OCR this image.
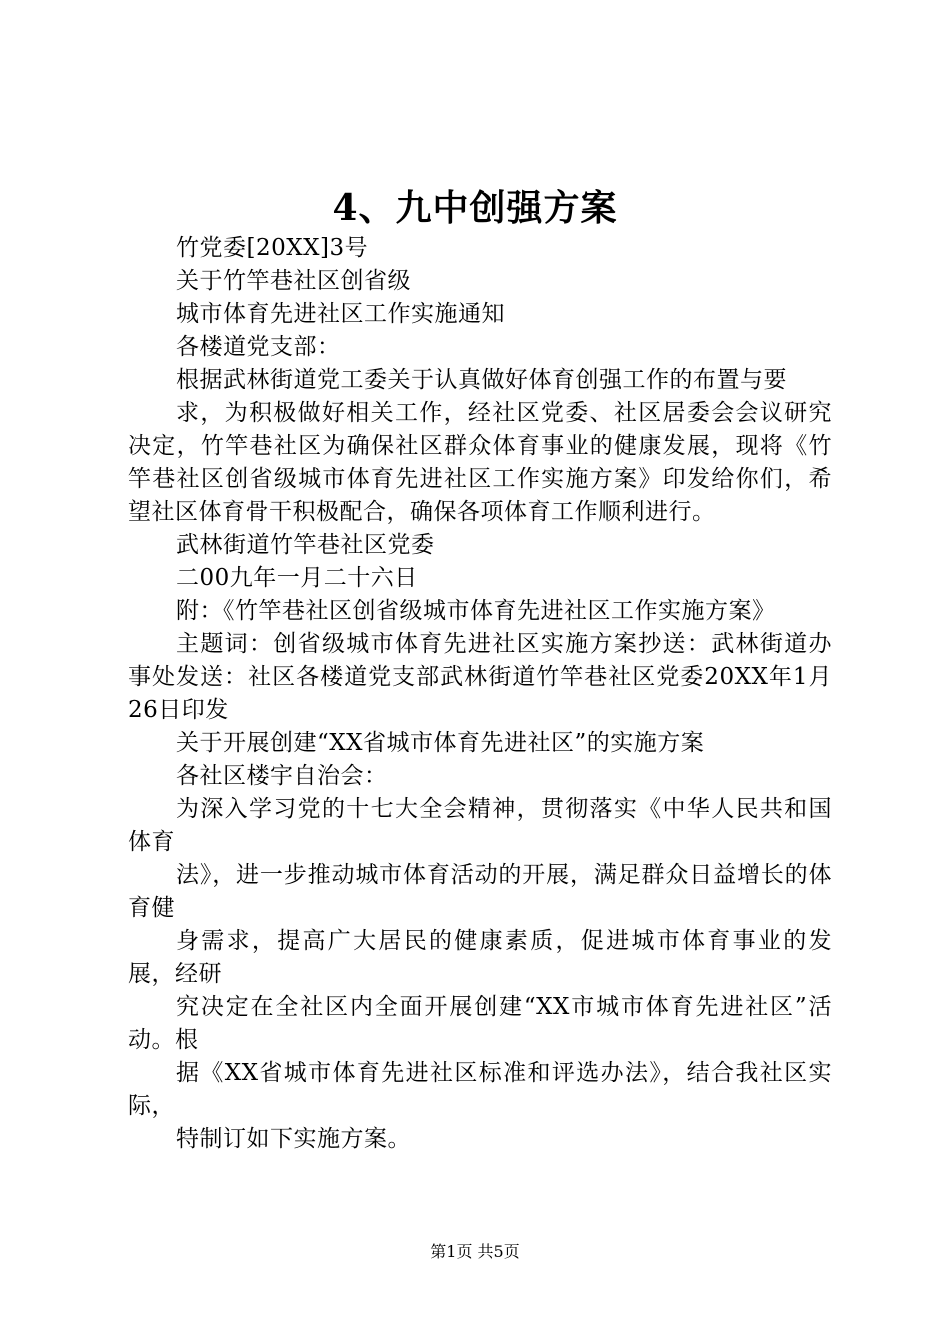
4、九中创强方案

竹党委[20XX]3号

关于竹竿巷社区创省级

城市体育先进社区工作实施通知

各楼道党支部：

根据武林街道党工委关于认真做好体育创强工作的布置与要

求，为积极做好相关工作，经社区党委、社区居委会会议研究决定，竹竿巷社区为确保社区群众体育事业的健康发展，现将《竹竿巷社区创省级城市体育先进社区工作实施方案》印发给你们，希望社区体育骨干积极配合，确保各项体育工作顺利进行。

武林街道竹竿巷社区党委

二00九年一月二十六日

附：《竹竿巷社区创省级城市体育先进社区工作实施方案》

主题词：创省级城市体育先进社区实施方案抄送：武林街道办事处发送：社区各楼道党支部武林街道竹竿巷社区党委20XX年1月26日印发

关于开展创建“XX省城市体育先进社区”的实施方案

各社区楼宇自治会：

为深入学习党的十七大全会精神，贯彻落实《中华人民共和国体育

法》，进一步推动城市体育活动的开展，满足群众日益增长的体育健

身需求，提高广大居民的健康素质，促进城市体育事业的发展，经研

究决定在全社区内全面开展创建“XX市城市体育先进社区”活动。根

据《XX省城市体育先进社区标准和评选办法》，结合我社区实际，

特制订如下实施方案。

第1页 共5页
